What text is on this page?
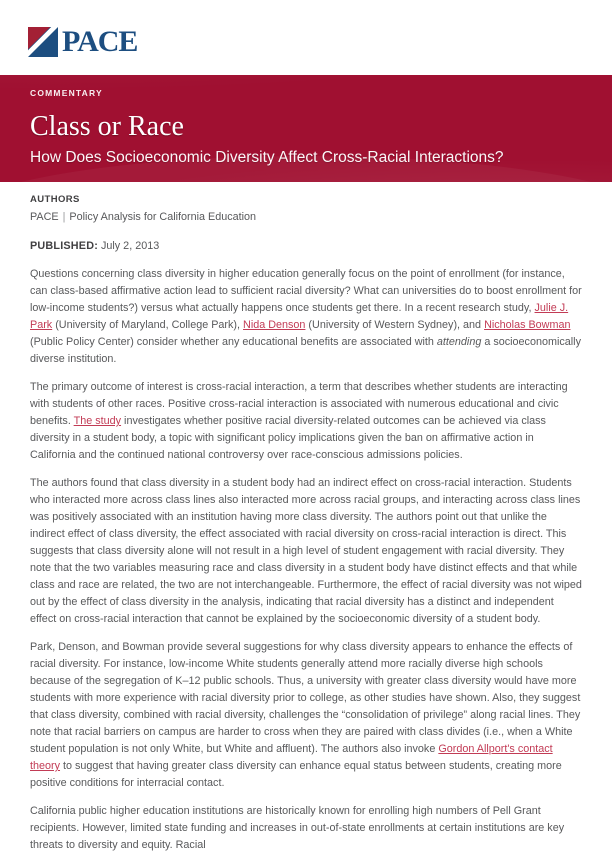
PACE
COMMENTARY
Class or Race
How Does Socioeconomic Diversity Affect Cross-Racial Interactions?
AUTHORS
PACE | Policy Analysis for California Education
PUBLISHED: July 2, 2013

Questions concerning class diversity in higher education generally focus on the point of enrollment (for instance, can class-based affirmative action lead to sufficient racial diversity? What can universities do to boost enrollment for low-income students?) versus what actually happens once students get there. In a recent research study, Julie J. Park (University of Maryland, College Park), Nida Denson (University of Western Sydney), and Nicholas Bowman (Public Policy Center) consider whether any educational benefits are associated with attending a socioeconomically diverse institution.

The primary outcome of interest is cross-racial interaction, a term that describes whether students are interacting with students of other races. Positive cross-racial interaction is associated with numerous educational and civic benefits. The study investigates whether positive racial diversity-related outcomes can be achieved via class diversity in a student body, a topic with significant policy implications given the ban on affirmative action in California and the continued national controversy over race-conscious admissions policies.

The authors found that class diversity in a student body had an indirect effect on cross-racial interaction. Students who interacted more across class lines also interacted more across racial groups, and interacting across class lines was positively associated with an institution having more class diversity. The authors point out that unlike the indirect effect of class diversity, the effect associated with racial diversity on cross-racial interaction is direct. This suggests that class diversity alone will not result in a high level of student engagement with racial diversity. They note that the two variables measuring race and class diversity in a student body have distinct effects and that while class and race are related, the two are not interchangeable. Furthermore, the effect of racial diversity was not wiped out by the effect of class diversity in the analysis, indicating that racial diversity has a distinct and independent effect on cross-racial interaction that cannot be explained by the socioeconomic diversity of a student body.

Park, Denson, and Bowman provide several suggestions for why class diversity appears to enhance the effects of racial diversity. For instance, low-income White students generally attend more racially diverse high schools because of the segregation of K–12 public schools. Thus, a university with greater class diversity would have more students with more experience with racial diversity prior to college, as other studies have shown. Also, they suggest that class diversity, combined with racial diversity, challenges the “consolidation of privilege” along racial lines. They note that racial barriers on campus are harder to cross when they are paired with class divides (i.e., when a White student population is not only White, but White and affluent). The authors also invoke Gordon Allport's contact theory to suggest that having greater class diversity can enhance equal status between students, creating more positive conditions for interracial contact.

California public higher education institutions are historically known for enrolling high numbers of Pell Grant recipients. However, limited state funding and increases in out-of-state enrollments at certain institutions are key threats to diversity and equity. Racial
